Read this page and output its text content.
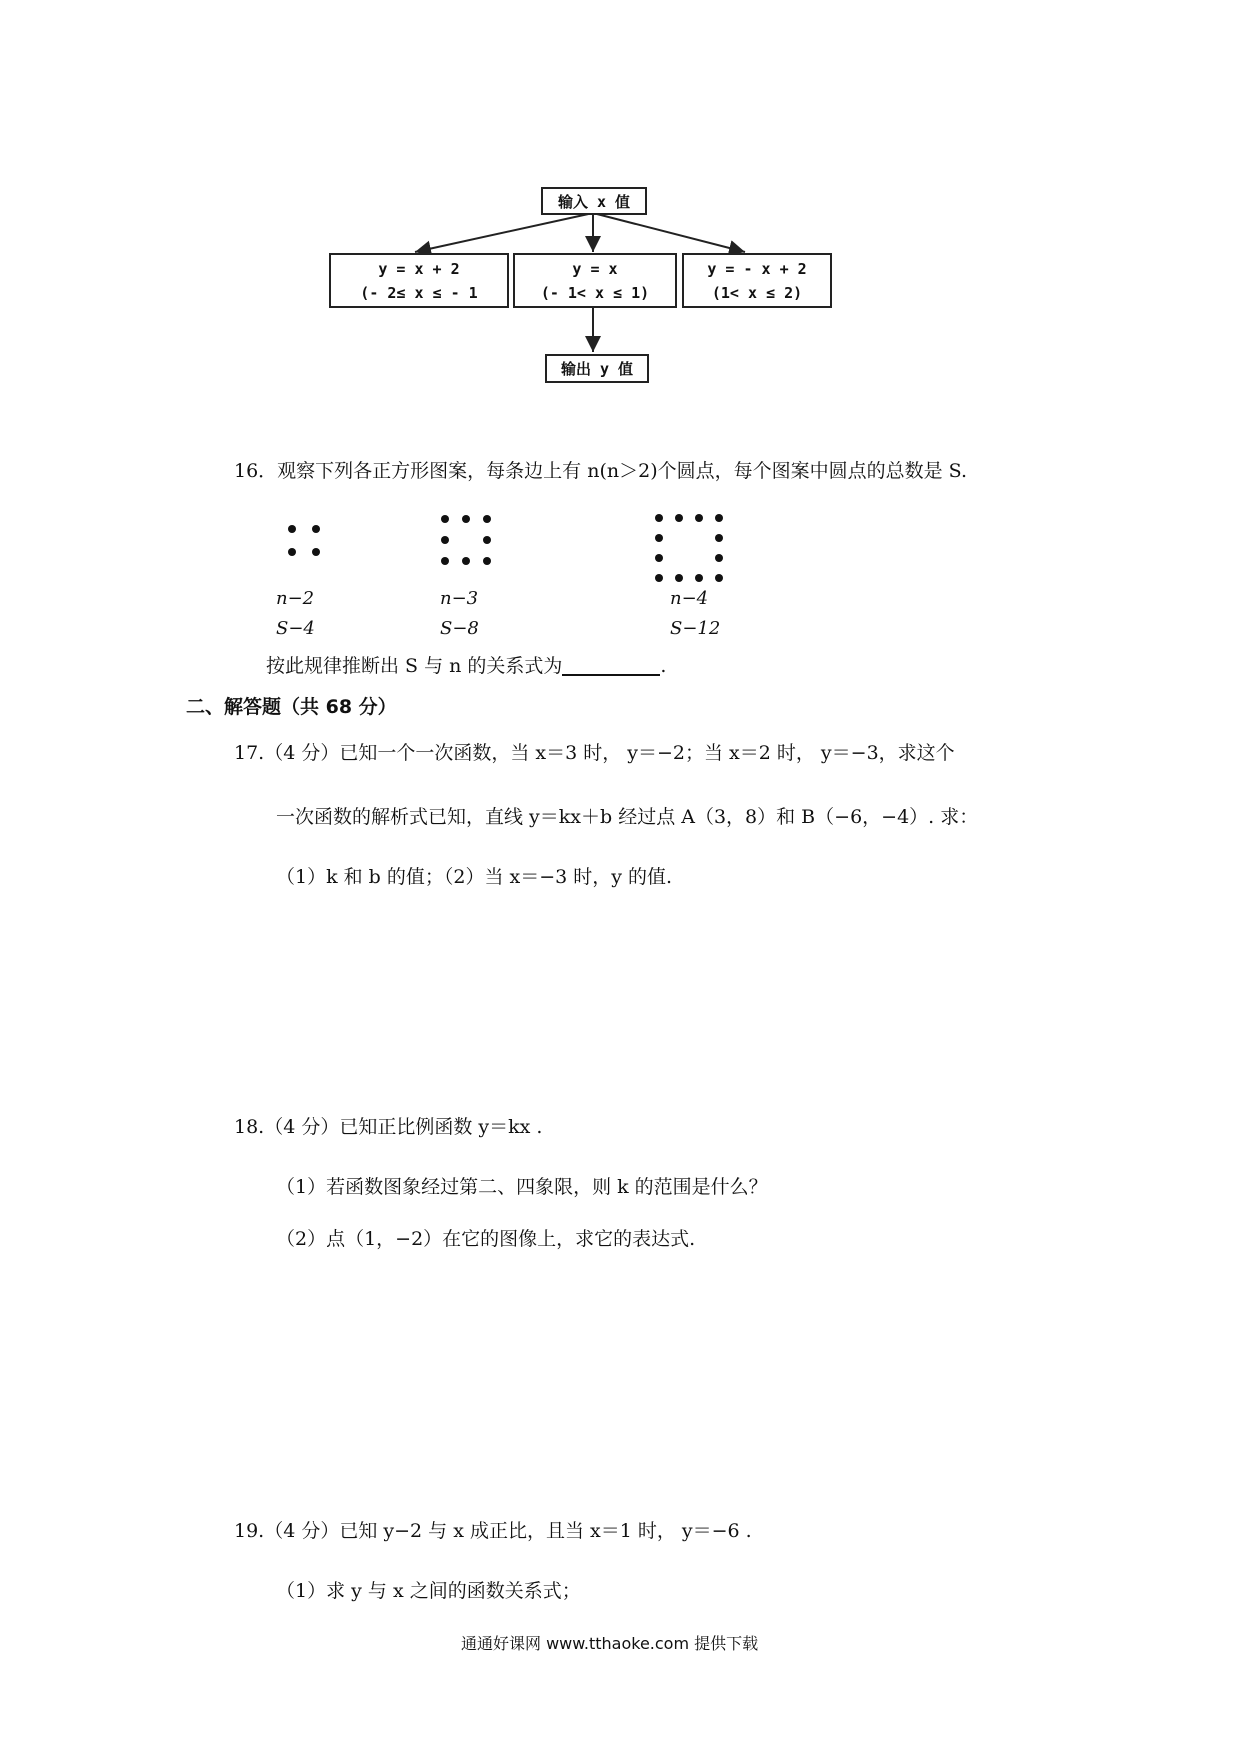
输入 x 值
y = x + 2
(- 2≤ x ≤ - 1
y = x
(- 1< x ≤ 1)
y = - x + 2
(1< x ≤ 2)
输出 y 值
16．观察下列各正方形图案，每条边上有 n(n＞2)个圆点，每个图案中圆点的总数是 S.
n−2
S−4
n−3
S−8
n−4
S−12
按此规律推断出 S 与 n 的关系式为	.
二、解答题（共 68 分）
17.（4 分）已知一个一次函数，当 x＝3 时， y＝−2；当 x＝2 时， y＝−3，求这个
一次函数的解析式已知，直线 y＝kx＋b 经过点 A（3，8）和 B（−6，−4）. 求：
（1）k 和 b 的值；（2）当 x＝−3 时，y 的值.
18.（4 分）已知正比例函数 y＝kx .
（1）若函数图象经过第二、四象限，则 k 的范围是什么？
（2）点（1，−2）在它的图像上，求它的表达式.
19.（4 分）已知 y−2 与 x 成正比，且当 x＝1 时， y＝−6 .
（1）求 y 与 x 之间的函数关系式；
通通好课网 www.tthaoke.com 提供下载
